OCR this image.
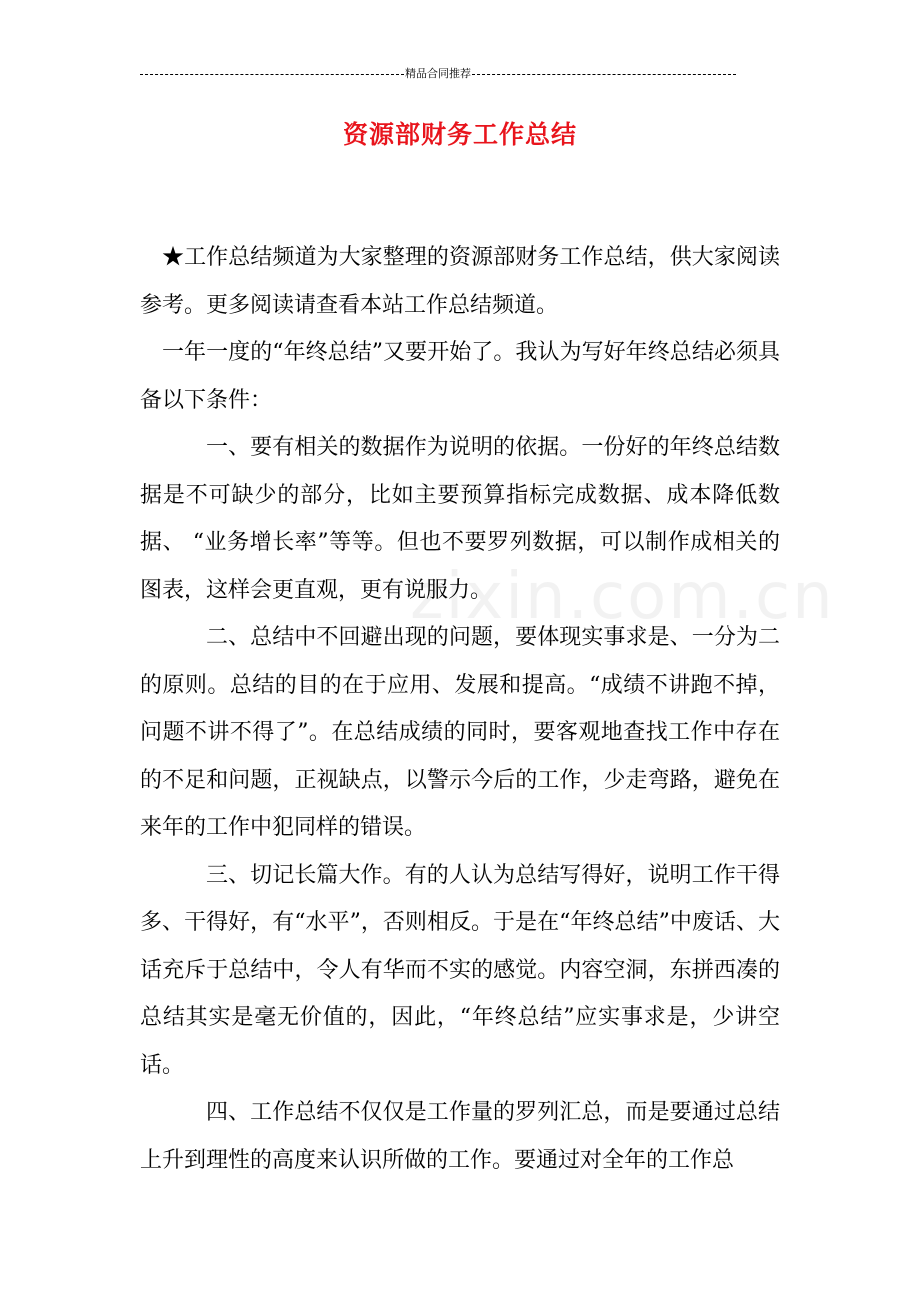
精品合同推荐
资源部财务工作总结
zixin.com.cn

★工作总结频道为大家整理的资源部财务工作总结，供大家阅读参考。更多阅读请查看本站工作总结频道。

一年一度的“年终总结”又要开始了。我认为写好年终总结必须具备以下条件：

一、要有相关的数据作为说明的依据。一份好的年终总结数据是不可缺少的部分，比如主要预算指标完成数据、成本降低数据、 “业务增长率”等等。但也不要罗列数据，可以制作成相关的图表，这样会更直观，更有说服力。

二、总结中不回避出现的问题，要体现实事求是、一分为二的原则。总结的目的在于应用、发展和提高。“成绩不讲跑不掉，问题不讲不得了”。在总结成绩的同时，要客观地查找工作中存在的不足和问题，正视缺点，以警示今后的工作，少走弯路，避免在来年的工作中犯同样的错误。

三、切记长篇大作。有的人认为总结写得好，说明工作干得多、干得好，有“水平”，否则相反。于是在“年终总结”中废话、大话充斥于总结中，令人有华而不实的感觉。内容空洞，东拼西凑的总结其实是毫无价值的，因此，“年终总结”应实事求是，少讲空话。

四、工作总结不仅仅是工作量的罗列汇总，而是要通过总结上升到理性的高度来认识所做的工作。要通过对全年的工作总
